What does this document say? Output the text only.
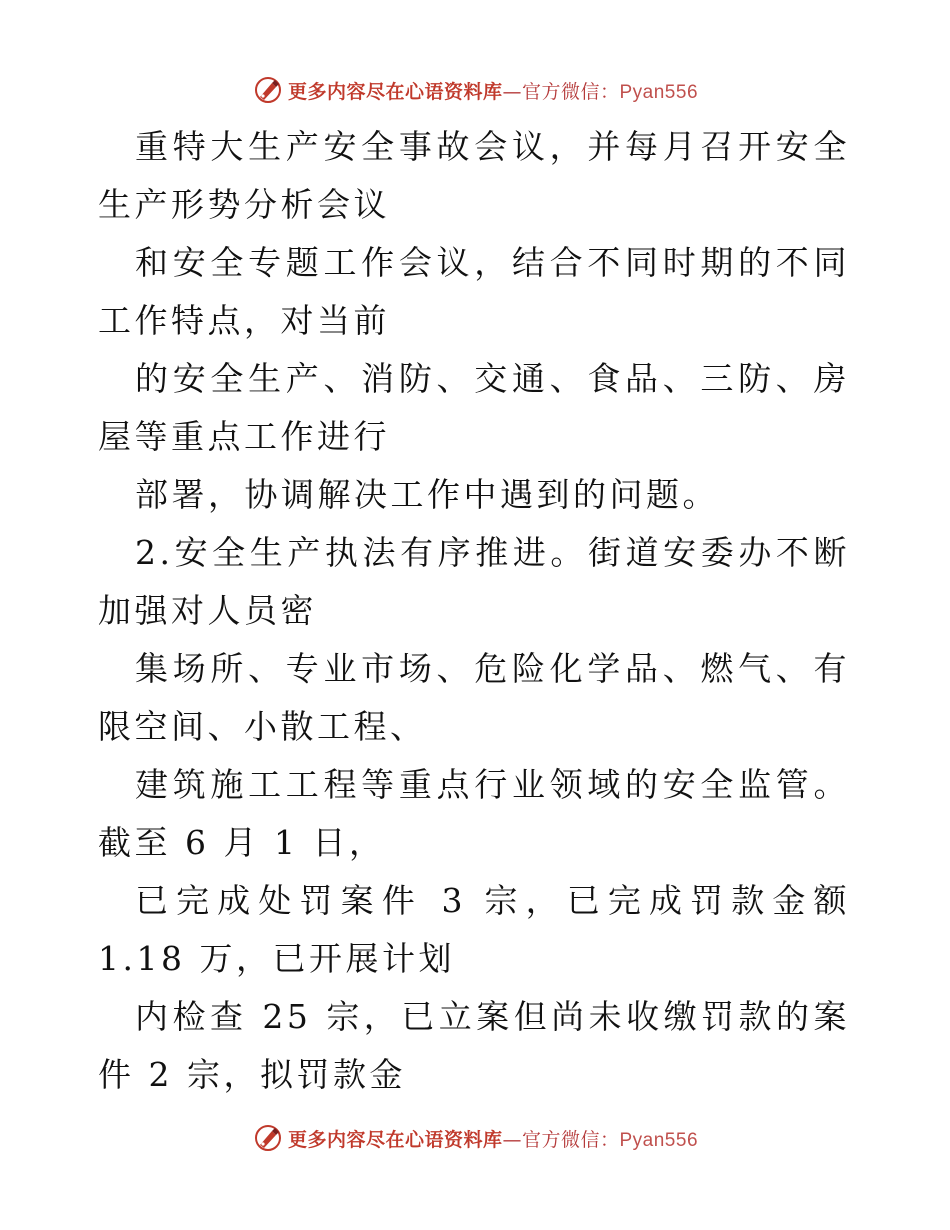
更多内容尽在心语资料库—官方微信：Pyan556

重特大生产安全事故会议，并每月召开安全生产形势分析会议

和安全专题工作会议，结合不同时期的不同工作特点，对当前

的安全生产、消防、交通、食品、三防、房屋等重点工作进行

部署，协调解决工作中遇到的问题。

2.安全生产执法有序推进。街道安委办不断加强对人员密

集场所、专业市场、危险化学品、燃气、有限空间、小散工程、

建筑施工工程等重点行业领域的安全监管。截至 6 月 1 日，

已完成处罚案件 3 宗，已完成罚款金额 1.18 万，已开展计划

内检查 25 宗，已立案但尚未收缴罚款的案件 2 宗，拟罚款金

更多内容尽在心语资料库—官方微信：Pyan556
